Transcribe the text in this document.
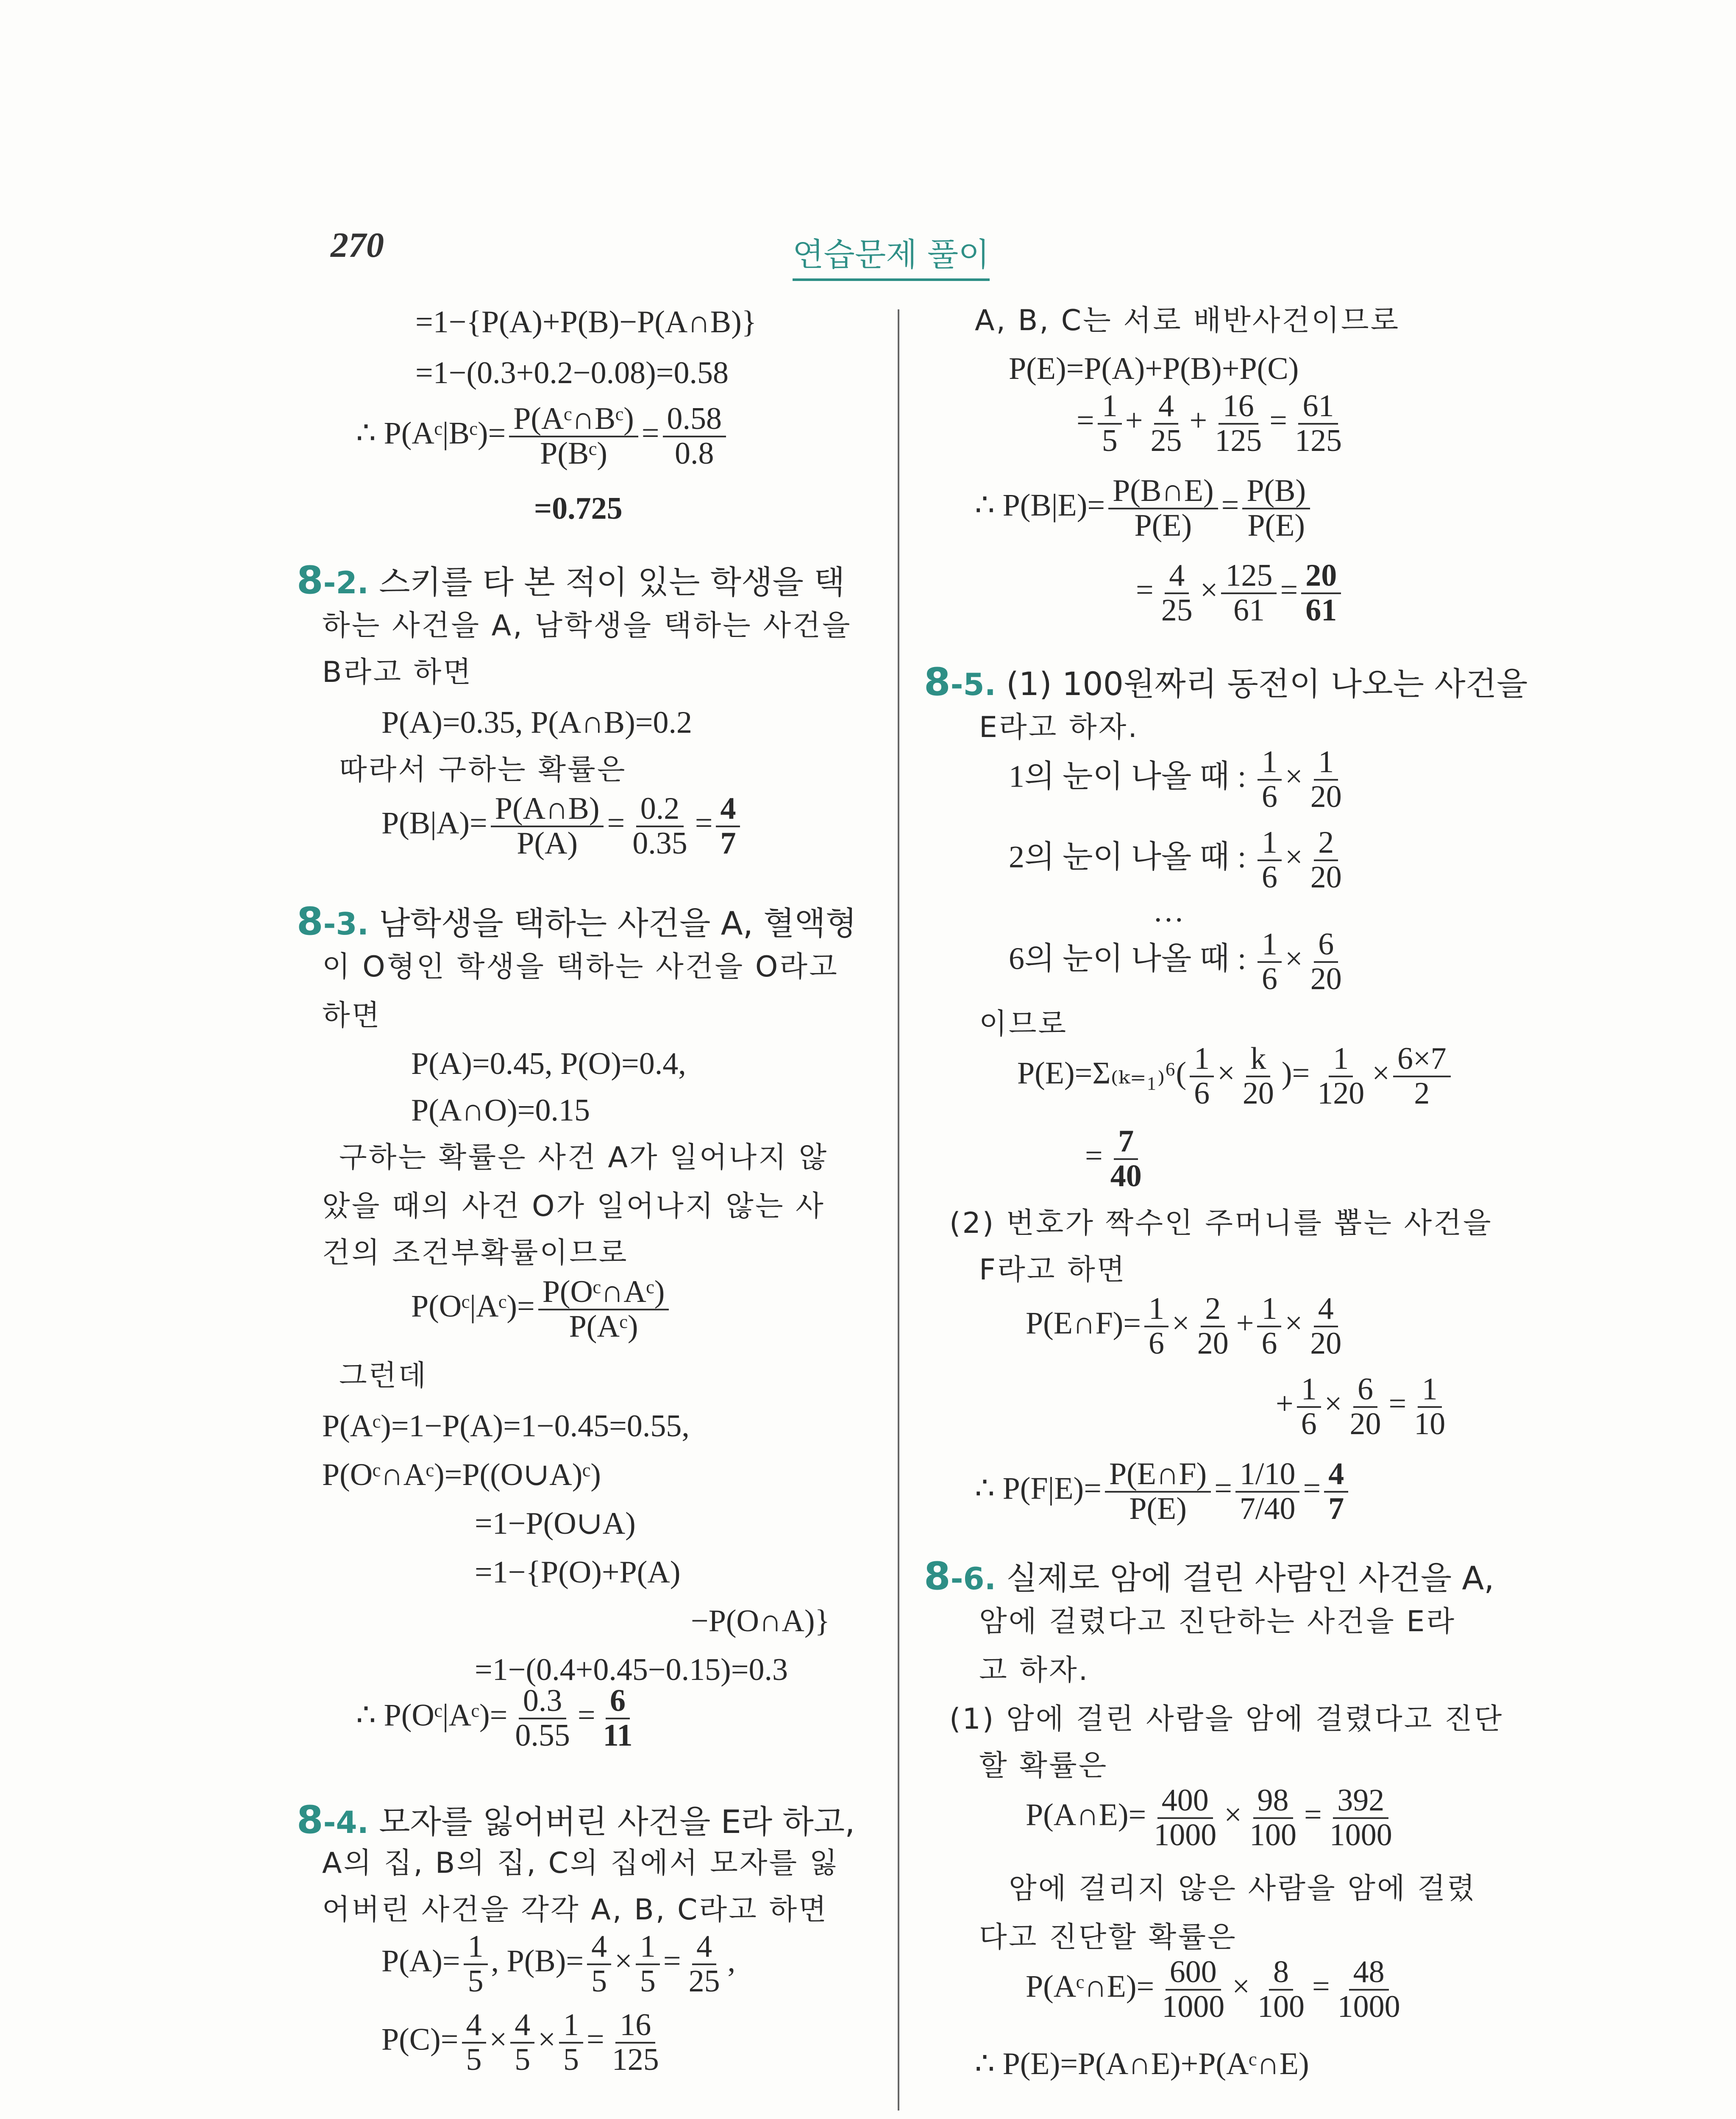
270	연습문제 풀이
=1−{P(A)+P(B)−P(A∩B)}
=1−(0.3+0.2−0.08)=0.58
∴ P(Aᶜ|Bᶜ)= $\frac{\text{P(Aᶜ∩Bᶜ)}}{\text{P(Bᶜ)}} = \frac{0.58}{0.8}$
=0.725
8-2. 스키를 타 본 적이 있는 학생을 택
하는 사건을 A, 남학생을 택하는 사건을
B라고 하면
P(A)=0.35, P(A∩B)=0.2
따라서 구하는 확률은
$P(B|A)= \frac{P(A\cap B)}{P(A)} = \frac{0.2}{0.35} = \frac{4}{7}$
8-3. 남학생을 택하는 사건을 A, 혈액형
이 O형인 학생을 택하는 사건을 O라고
하면
P(A)=0.45, P(O)=0.4,
P(A∩O)=0.15
구하는 확률은 사건 A가 일어나지 않
았을 때의 사건 O가 일어나지 않는 사
건의 조건부확률이므로
P(Oᶜ|Aᶜ)= $\frac{\text{P(Oᶜ∩Aᶜ)}}{\text{P(Aᶜ)}}$
그런데
P(Aᶜ)=1−P(A)=1−0.45=0.55,
P(Oᶜ∩Aᶜ)=P((O∪A)ᶜ)
=1−P(O∪A)
=1−{P(O)+P(A)
−P(O∩A)}
=1−(0.4+0.45−0.15)=0.3
∴ P(Oᶜ|Aᶜ)= $\frac{0.3}{0.55} = \frac{6}{11}$
8-4. 모자를 잃어버린 사건을 E라 하고,
A의 집, B의 집, C의 집에서 모자를 잃
어버린 사건을 각각 A, B, C라고 하면
$P(A)= \frac{1}{5}$ , $P(B)= \frac{4}{5} \times \frac{1}{5} = \frac{4}{25}$ ,
$P(C)= \frac{4}{5} \times \frac{4}{5} \times \frac{1}{5} = \frac{16}{125}$
A, B, C는 서로 배반사건이므로
P(E)=P(A)+P(B)+P(C)
= $\frac{1}{5} + \frac{4}{25} + \frac{16}{125} = \frac{61}{125}$
∴ $P(B|E)= \frac{P(B\cap E)}{P(E)} = \frac{P(B)}{P(E)}$
= $\frac{4}{25} \times \frac{125}{61} = \frac{20}{61}$
8-5. (1) 100원짜리 동전이 나오는 사건을
E라고 하자.
1의 눈이 나올 때 : $\frac{1}{6} \times \frac{1}{20}$
2의 눈이 나올 때 : $\frac{1}{6} \times \frac{2}{20}$
…
6의 눈이 나올 때 : $\frac{1}{6} \times \frac{6}{20}$
이므로
$P(E)=\Sigma_{(k=1)}^6( \frac{1}{6} \times \frac{k}{20}$ )= $\frac{1}{120} \times \frac{6\times 7}{2}$
= $\frac{7}{40}$
(2) 번호가 짝수인 주머니를 뽑는 사건을
F라고 하면
P(E∩F)= $\frac{1}{6} \times \frac{2}{20} + \frac{1}{6} \times \frac{4}{20}$
+ $\frac{1}{6} \times \frac{6}{20} = \frac{1}{10}$
∴ $P(F|E)= \frac{P(E\cap F)}{P(E)} = \frac{1/10}{7/40} = \frac{4}{7}$
8-6. 실제로 암에 걸린 사람인 사건을 A,
암에 걸렸다고 진단하는 사건을 E라
고 하자.
(1) 암에 걸린 사람을 암에 걸렸다고 진단
할 확률은
P(A∩E)= $\frac{400}{1000} \times \frac{98}{100} = \frac{392}{1000}$
암에 걸리지 않은 사람을 암에 걸렸
다고 진단할 확률은
P(Aᶜ∩E)= $\frac{600}{1000} \times \frac{8}{100} = \frac{48}{1000}$
∴ P(E)=P(A∩E)+P(Aᶜ∩E)
